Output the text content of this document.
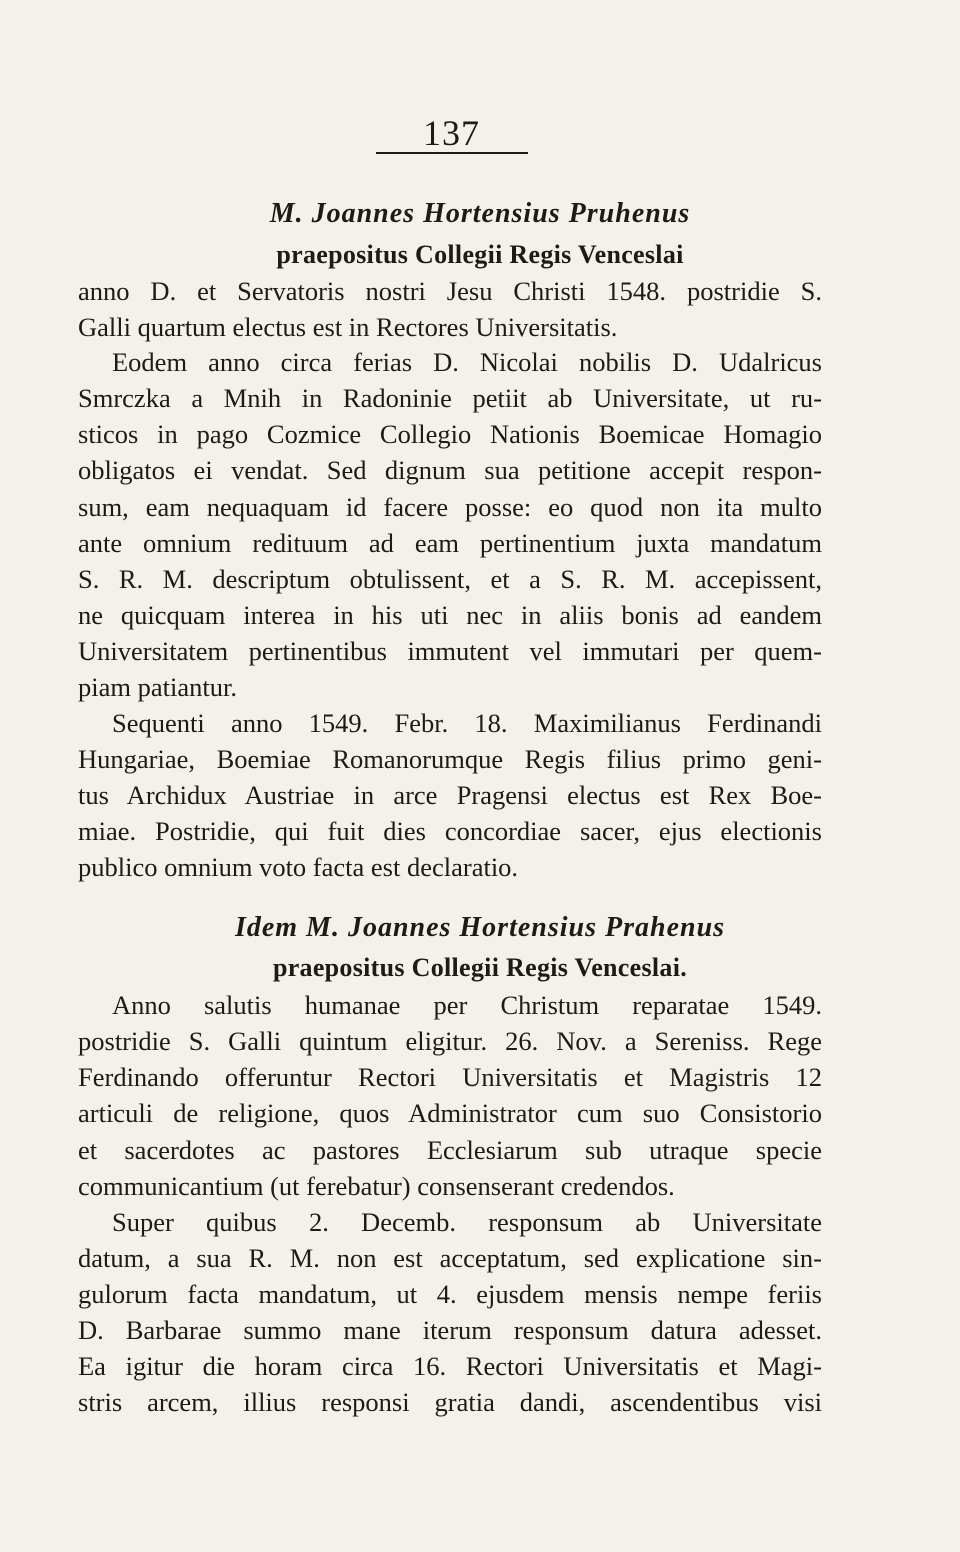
137
M. Joannes Hortensius Pruhenus
praepositus Collegii Regis Venceslai
anno D. et Servatoris nostri Jesu Christi 1548. postridie S.
Galli quartum electus est in Rectores Universitatis.
Eodem anno circa ferias D. Nicolai nobilis D. Udalricus
Smrczka a Mnih in Radoninie petiit ab Universitate, ut ru-
sticos in pago Cozmice Collegio Nationis Boemicae Homagio
obligatos ei vendat. Sed dignum sua petitione accepit respon-
sum, eam nequaquam id facere posse: eo quod non ita multo
ante omnium redituum ad eam pertinentium juxta mandatum
S. R. M. descriptum obtulissent, et a S. R. M. accepissent,
ne quicquam interea in his uti nec in aliis bonis ad eandem
Universitatem pertinentibus immutent vel immutari per quem-
piam patiantur.
Sequenti anno 1549. Febr. 18. Maximilianus Ferdinandi
Hungariae, Boemiae Romanorumque Regis filius primo geni-
tus Archidux Austriae in arce Pragensi electus est Rex Boe-
miae. Postridie, qui fuit dies concordiae sacer, ejus electionis
publico omnium voto facta est declaratio.
Idem M. Joannes Hortensius Prahenus
praepositus Collegii Regis Venceslai.
Anno salutis humanae per Christum reparatae 1549.
postridie S. Galli quintum eligitur. 26. Nov. a Sereniss. Rege
Ferdinando offeruntur Rectori Universitatis et Magistris 12
articuli de religione, quos Administrator cum suo Consistorio
et sacerdotes ac pastores Ecclesiarum sub utraque specie
communicantium (ut ferebatur) consenserant credendos.
Super quibus 2. Decemb. responsum ab Universitate
datum, a sua R. M. non est acceptatum, sed explicatione sin-
gulorum facta mandatum, ut 4. ejusdem mensis nempe feriis
D. Barbarae summo mane iterum responsum datura adesset.
Ea igitur die horam circa 16. Rectori Universitatis et Magi-
stris arcem, illius responsi gratia dandi, ascendentibus visi
